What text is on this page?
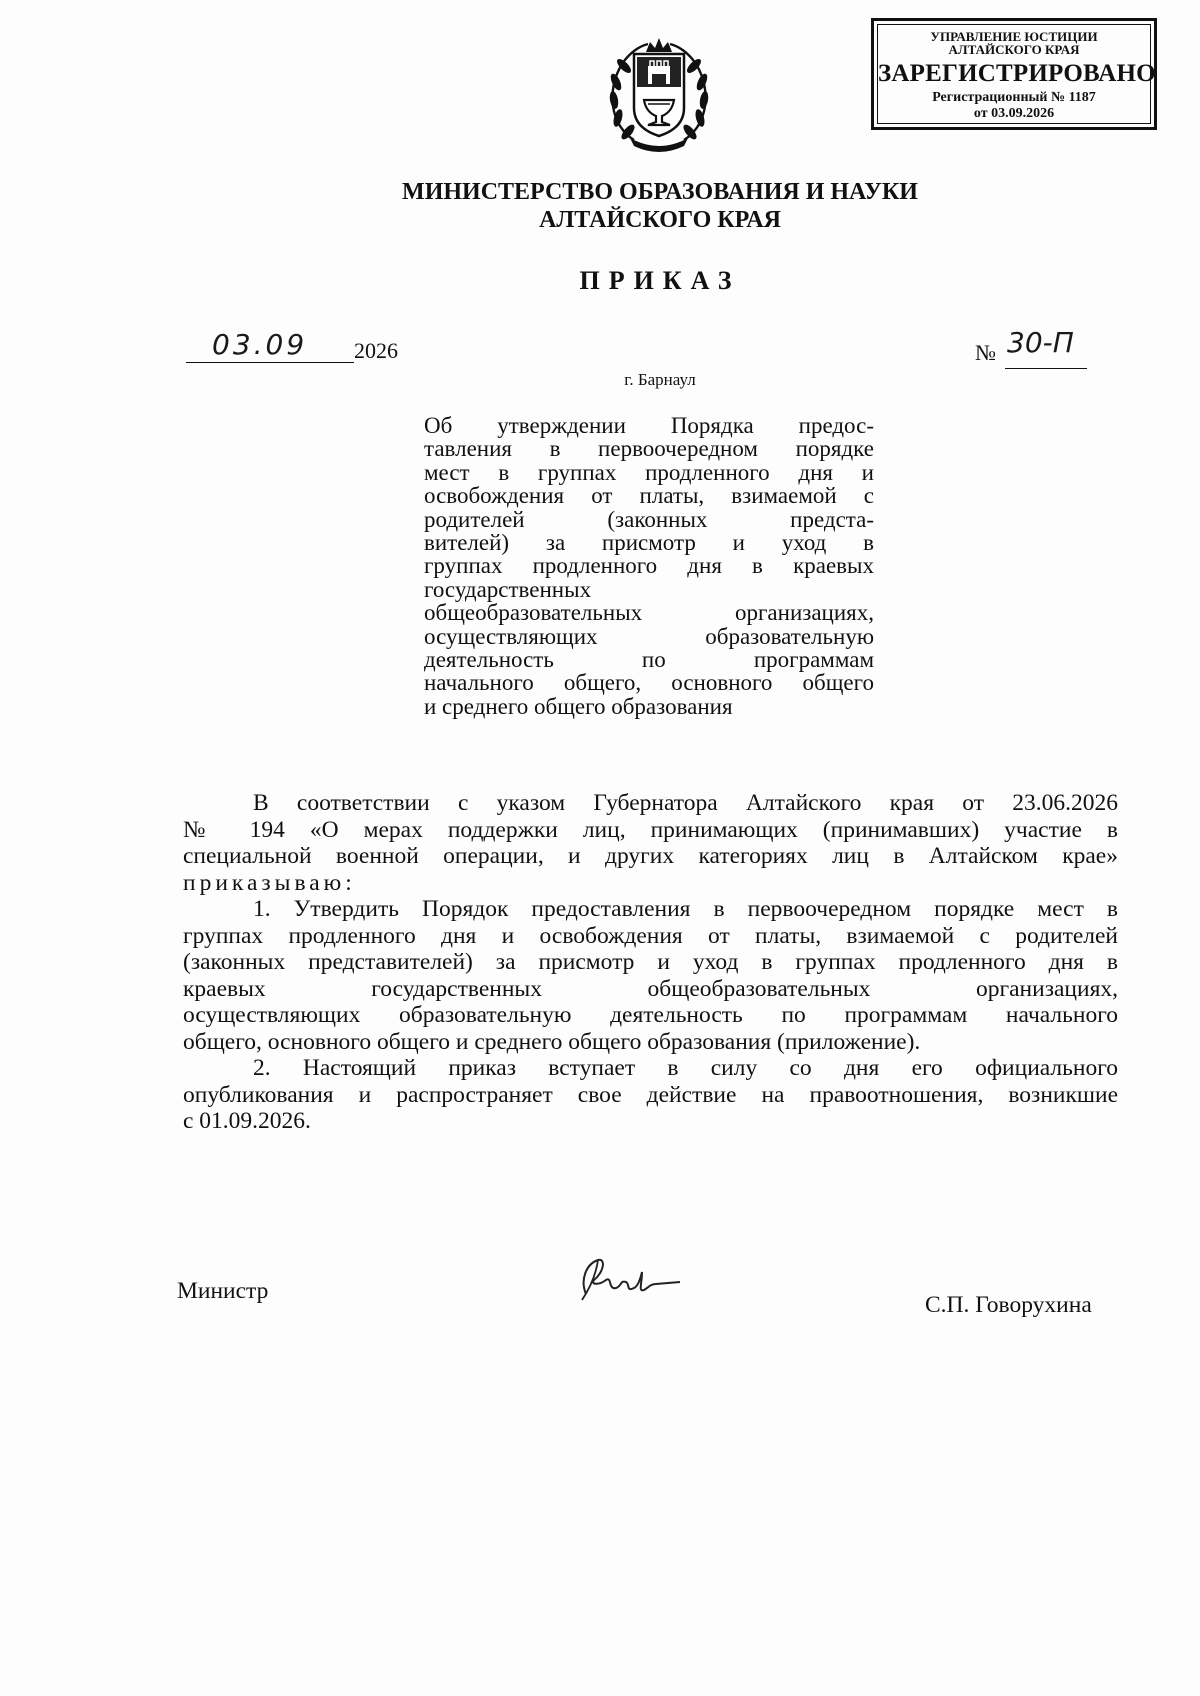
УПРАВЛЕНИЕ ЮСТИЦИИ
АЛТАЙСКОГО КРАЯ
ЗАРЕГИСТРИРОВАНО
Регистрационный № 1187
от 03.09.2026
МИНИСТЕРСТВО ОБРАЗОВАНИЯ И НАУКИ
АЛТАЙСКОГО КРАЯ
ПРИКАЗ
03.09 2026	№ 30-П
г. Барнаул
Об утверждении Порядка предос-
тавления в первоочередном порядке
мест в группах продленного дня и
освобождения от платы, взимаемой с
родителей (законных предста-
вителей) за присмотр и уход в
группах продленного дня в краевых
государственных
общеобразовательных организациях,
осуществляющих образовательную
деятельность по программам
начального общего, основного общего
и среднего общего образования
В соответствии с указом Губернатора Алтайского края от 23.06.2026
№ 194 «О мерах поддержки лиц, принимающих (принимавших) участие в
специальной военной операции, и других категориях лиц в Алтайском крае»
приказываю:
1. Утвердить Порядок предоставления в первоочередном порядке мест в
группах продленного дня и освобождения от платы, взимаемой с родителей
(законных представителей) за присмотр и уход в группах продленного дня в
краевых государственных общеобразовательных организациях,
осуществляющих образовательную деятельность по программам начального
общего, основного общего и среднего общего образования (приложение).
2. Настоящий приказ вступает в силу со дня его официального
опубликования и распространяет свое действие на правоотношения, возникшие
с 01.09.2026.
Министр
С.П. Говорухина
